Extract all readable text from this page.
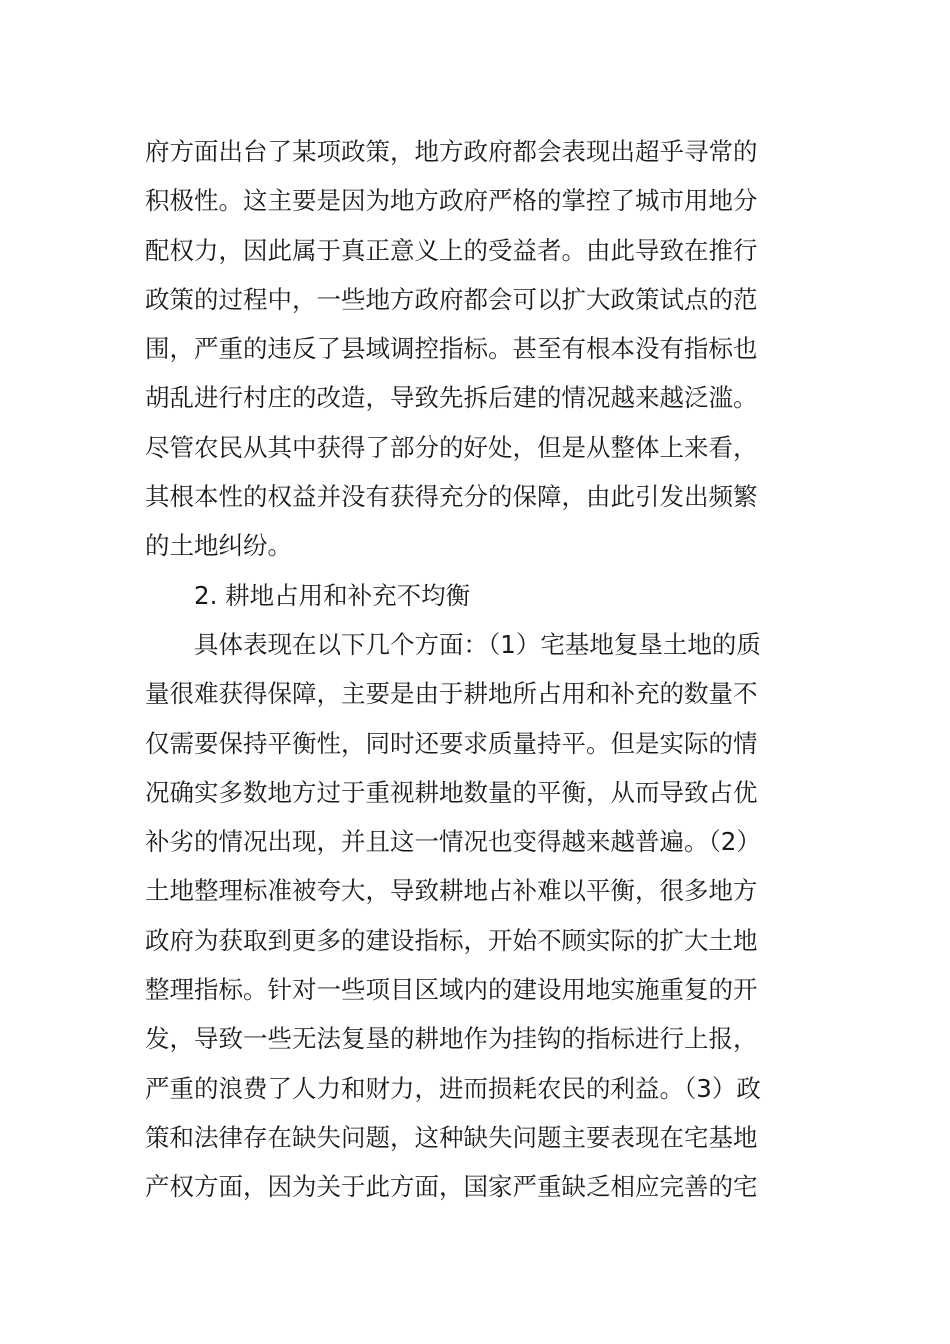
府方面出台了某项政策，地方政府都会表现出超乎寻常的
积极性。这主要是因为地方政府严格的掌控了城市用地分
配权力，因此属于真正意义上的受益者。由此导致在推行
政策的过程中，一些地方政府都会可以扩大政策试点的范
围，严重的违反了县域调控指标。甚至有根本没有指标也
胡乱进行村庄的改造，导致先拆后建的情况越来越泛滥。
尽管农民从其中获得了部分的好处，但是从整体上来看，
其根本性的权益并没有获得充分的保障，由此引发出频繁
的土地纠纷。
2. 耕地占用和补充不均衡
具体表现在以下几个方面：（1）宅基地复垦土地的质
量很难获得保障，主要是由于耕地所占用和补充的数量不
仅需要保持平衡性，同时还要求质量持平。但是实际的情
况确实多数地方过于重视耕地数量的平衡，从而导致占优
补劣的情况出现，并且这一情况也变得越来越普遍。（2）
土地整理标准被夸大，导致耕地占补难以平衡，很多地方
政府为获取到更多的建设指标，开始不顾实际的扩大土地
整理指标。针对一些项目区域内的建设用地实施重复的开
发，导致一些无法复垦的耕地作为挂钩的指标进行上报，
严重的浪费了人力和财力，进而损耗农民的利益。（3）政
策和法律存在缺失问题，这种缺失问题主要表现在宅基地
产权方面，因为关于此方面，国家严重缺乏相应完善的宅
